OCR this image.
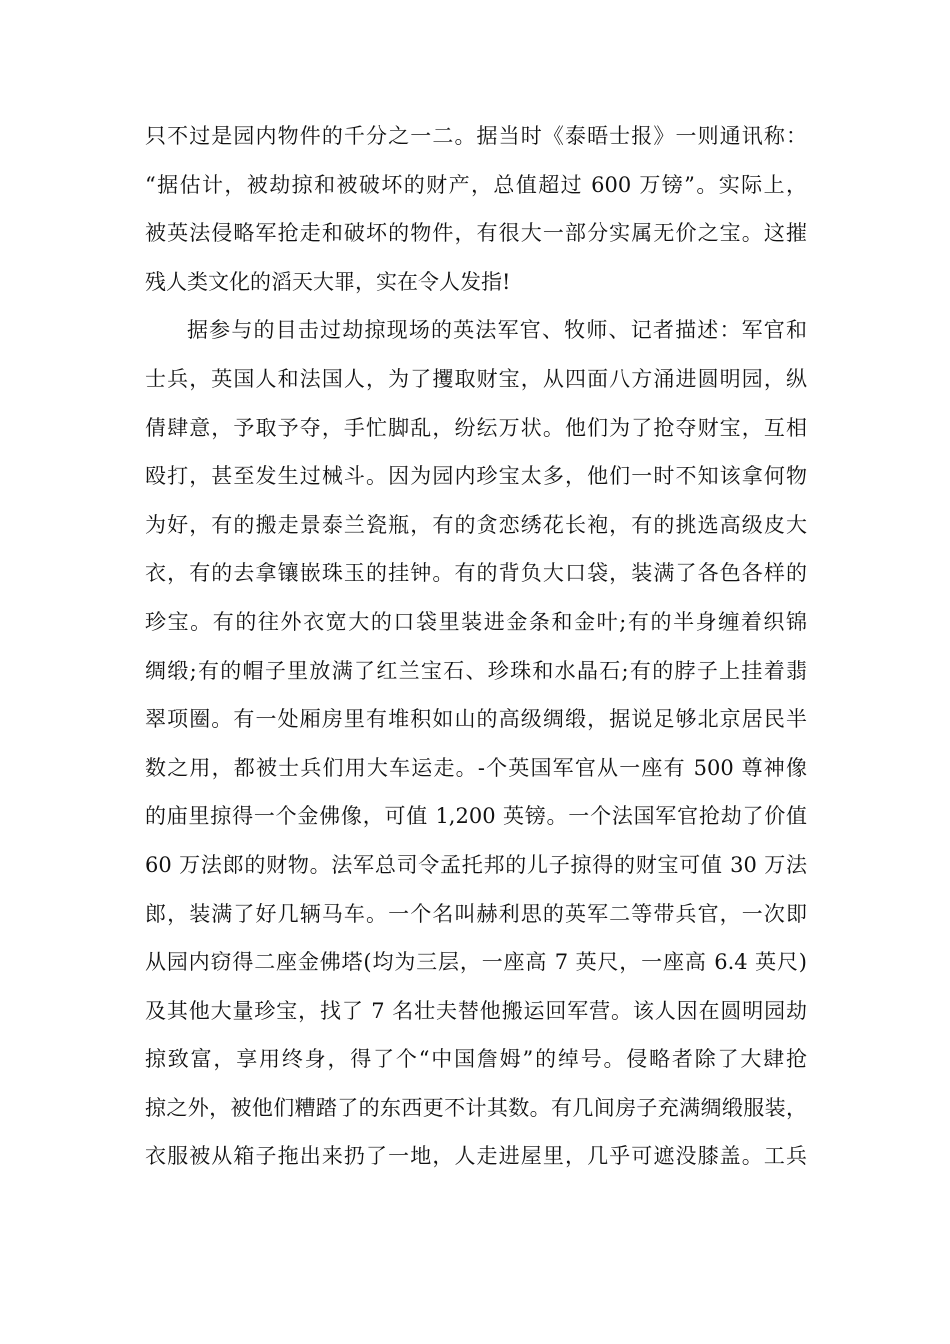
只不过是园内物件的千分之一二。据当时《泰晤士报》一则通讯称：
“据估计，被劫掠和被破坏的财产，总值超过 600 万镑”。实际上，
被英法侵略军抢走和破坏的物件，有很大一部分实属无价之宝。这摧
残人类文化的滔天大罪，实在令人发指!
据参与的目击过劫掠现场的英法军官、牧师、记者描述：军官和
士兵，英国人和法国人，为了攫取财宝，从四面八方涌进圆明园，纵
倩肆意，予取予夺，手忙脚乱，纷纭万状。他们为了抢夺财宝，互相
殴打，甚至发生过械斗。因为园内珍宝太多，他们一时不知该拿何物
为好，有的搬走景泰兰瓷瓶，有的贪恋绣花长袍，有的挑选高级皮大
衣，有的去拿镶嵌珠玉的挂钟。有的背负大口袋，装满了各色各样的
珍宝。有的往外衣宽大的口袋里装进金条和金叶;有的半身缠着织锦
绸缎;有的帽子里放满了红兰宝石、珍珠和水晶石;有的脖子上挂着翡
翠项圈。有一处厢房里有堆积如山的高级绸缎，据说足够北京居民半
数之用，都被士兵们用大车运走。-个英国军官从一座有 500 尊神像
的庙里掠得一个金佛像，可值 1,200 英镑。一个法国军官抢劫了价值
60 万法郎的财物。法军总司令孟托邦的儿子掠得的财宝可值 30 万法
郎，装满了好几辆马车。一个名叫赫利思的英军二等带兵官，一次即
从园内窃得二座金佛塔(均为三层，一座高 7 英尺，一座高 6.4 英尺)
及其他大量珍宝，找了 7 名壮夫替他搬运回军营。该人因在圆明园劫
掠致富，享用终身，得了个“中国詹姆”的绰号。侵略者除了大肆抢
掠之外，被他们糟踏了的东西更不计其数。有几间房子充满绸缎服装，
衣服被从箱子拖出来扔了一地，人走进屋里，几乎可遮没膝盖。工兵
